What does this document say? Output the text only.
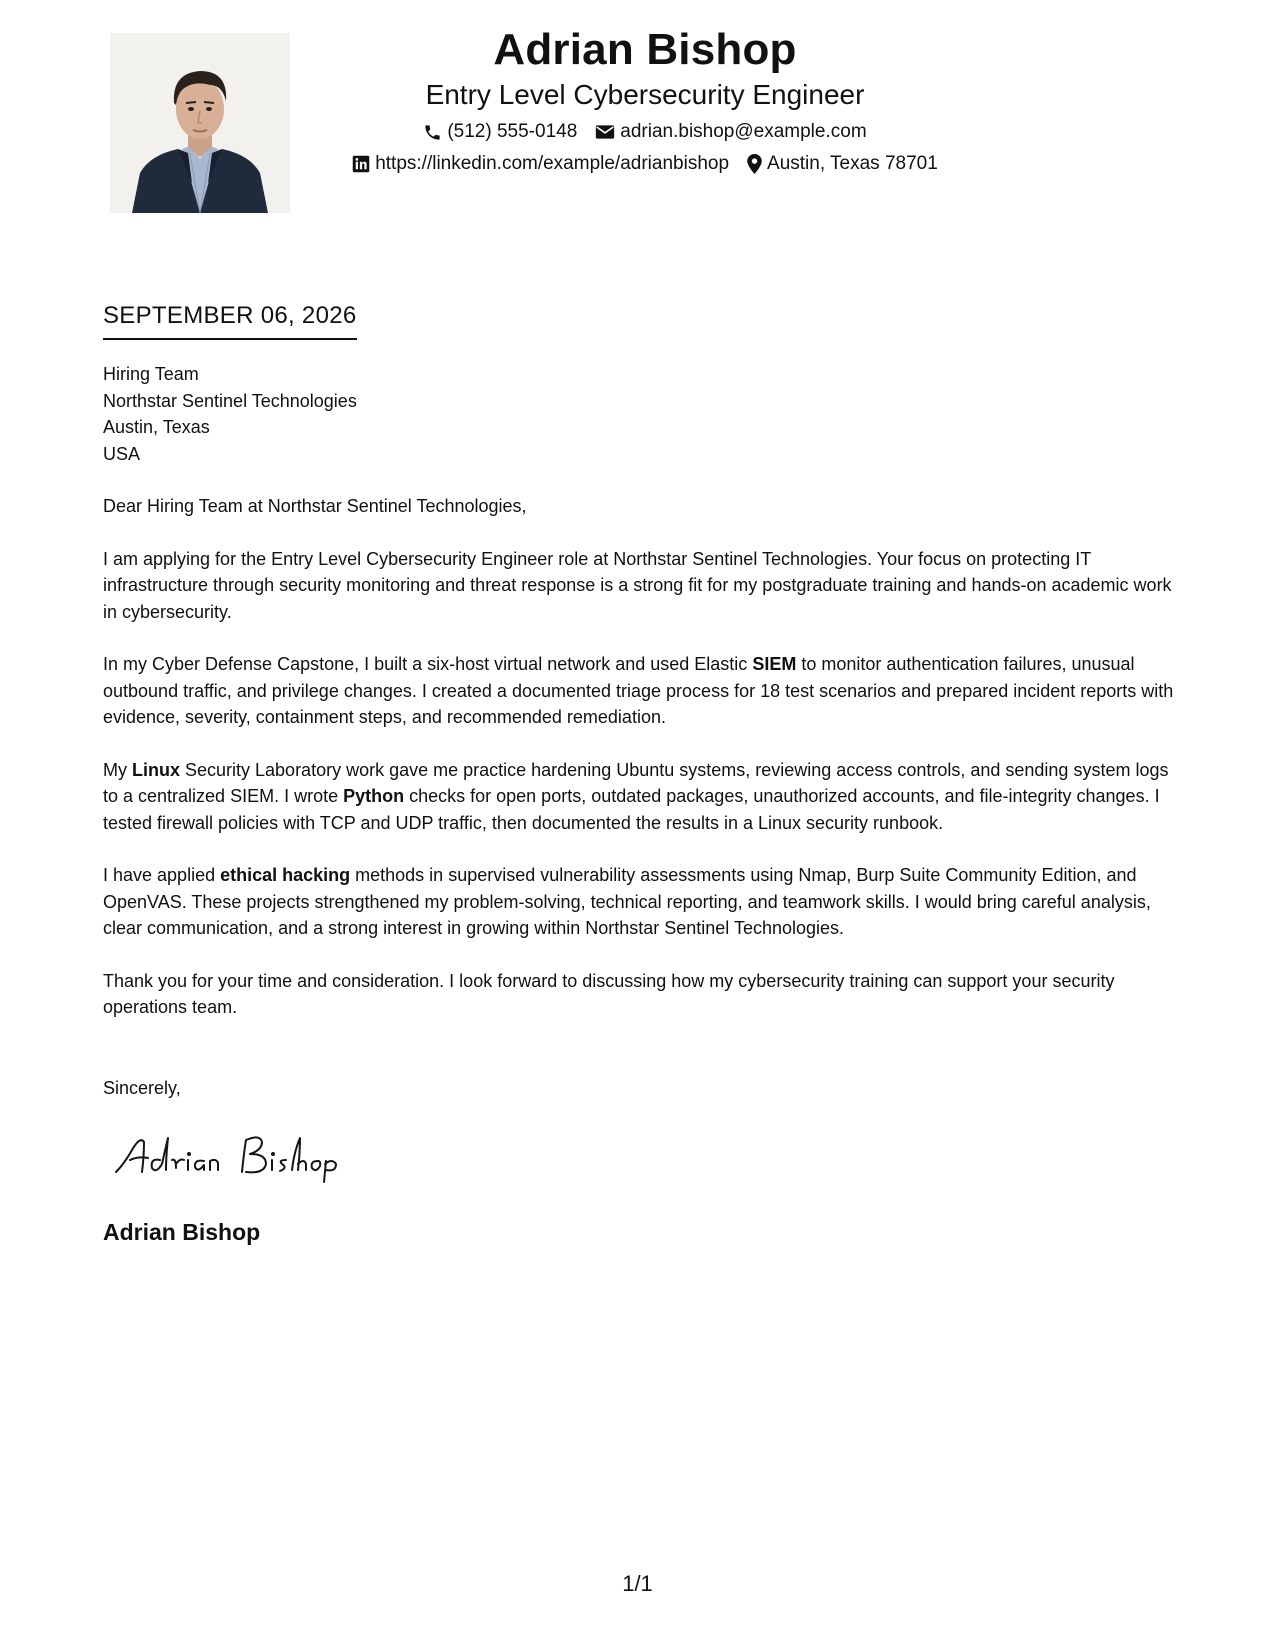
Adrian Bishop
Entry Level Cybersecurity Engineer
(512) 555-0148 adrian.bishop@example.com
https://linkedin.com/example/adrianbishop Austin, Texas 78701
SEPTEMBER 06, 2026
Hiring Team
Northstar Sentinel Technologies
Austin, Texas
USA

Dear Hiring Team at Northstar Sentinel Technologies,

I am applying for the Entry Level Cybersecurity Engineer role at Northstar Sentinel Technologies. Your focus on protecting IT infrastructure through security monitoring and threat response is a strong fit for my postgraduate training and hands-on academic work in cybersecurity.

In my Cyber Defense Capstone, I built a six-host virtual network and used Elastic SIEM to monitor authentication failures, unusual outbound traffic, and privilege changes. I created a documented triage process for 18 test scenarios and prepared incident reports with evidence, severity, containment steps, and recommended remediation.

My Linux Security Laboratory work gave me practice hardening Ubuntu systems, reviewing access controls, and sending system logs to a centralized SIEM. I wrote Python checks for open ports, outdated packages, unauthorized accounts, and file-integrity changes. I tested firewall policies with TCP and UDP traffic, then documented the results in a Linux security runbook.

I have applied ethical hacking methods in supervised vulnerability assessments using Nmap, Burp Suite Community Edition, and OpenVAS. These projects strengthened my problem-solving, technical reporting, and teamwork skills. I would bring careful analysis, clear communication, and a strong interest in growing within Northstar Sentinel Technologies.

Thank you for your time and consideration. I look forward to discussing how my cybersecurity training can support your security operations team.

Sincerely,
Adrian Bishop
1/1
